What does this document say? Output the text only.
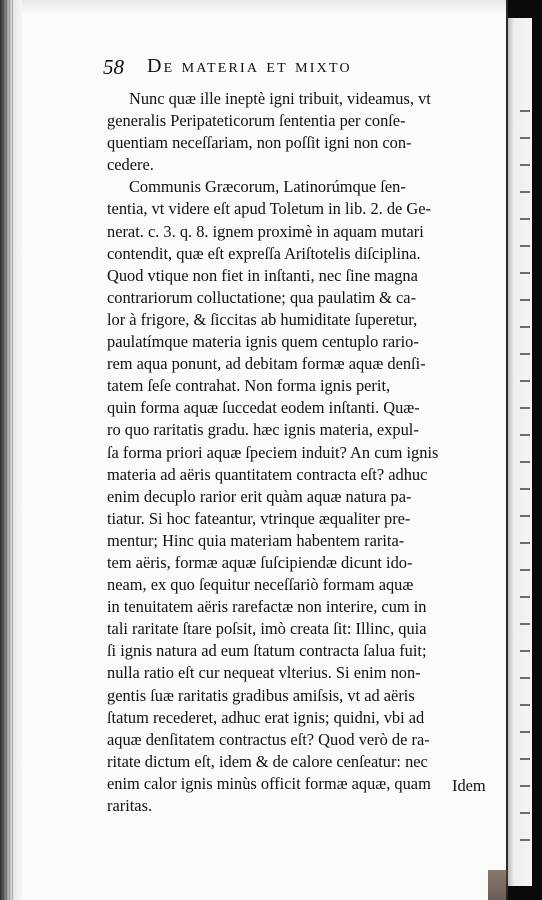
58 De materia et mixto
Nunc quæ ille ineptè igni tribuit, videamus, vt
generalis Peripateticorum ſententia per conſe-
quentiam neceſſariam, non poſſit igni non con-
cedere.
Communis Græcorum, Latinorúmque ſen-
tentia, vt videre eſt apud Toletum in lib. 2. de Ge-
nerat. c. 3. q. 8. ignem proximè in aquam mutari
contendit, quæ eſt expreſſa Ariſtotelis diſciplina.
Quod vtique non fiet in inſtanti, nec ſine magna
contrariorum colluctatione; qua paulatim & ca-
lor à frigore, & ſiccitas ab humiditate ſuperetur,
paulatímque materia ignis quem centuplo rario-
rem aqua ponunt, ad debitam formæ aquæ denſi-
tatem ſeſe contrahat. Non forma ignis perit,
quin forma aquæ ſuccedat eodem inſtanti. Quæ-
ro quo raritatis gradu. hæc ignis materia, expul-
ſa forma priori aquæ ſpeciem induit? An cum ignis
materia ad aëris quantitatem contracta eſt? adhuc
enim decuplo rarior erit quàm aquæ natura pa-
tiatur. Si hoc fateantur, vtrinque æqualiter pre-
mentur; Hinc quia materiam habentem rarita-
tem aëris, formæ aquæ ſuſcipiendæ dicunt ido-
neam, ex quo ſequitur neceſſariò formam aquæ
in tenuitatem aëris rarefactæ non interire, cum in
tali raritate ſtare poſsit, imò creata ſit: Illinc, quia
ſi ignis natura ad eum ſtatum contracta ſalua fuit;
nulla ratio eſt cur nequeat vlterius. Si enim non-
gentis ſuæ raritatis gradibus amiſsis, vt ad aëris
ſtatum recederet, adhuc erat ignis; quidni, vbi ad
aquæ denſitatem contractus eſt? Quod verò de ra-
ritate dictum eſt, idem & de calore cenſeatur: nec
enim calor ignis minùs officit formæ aquæ, quam
raritas.
Idem
